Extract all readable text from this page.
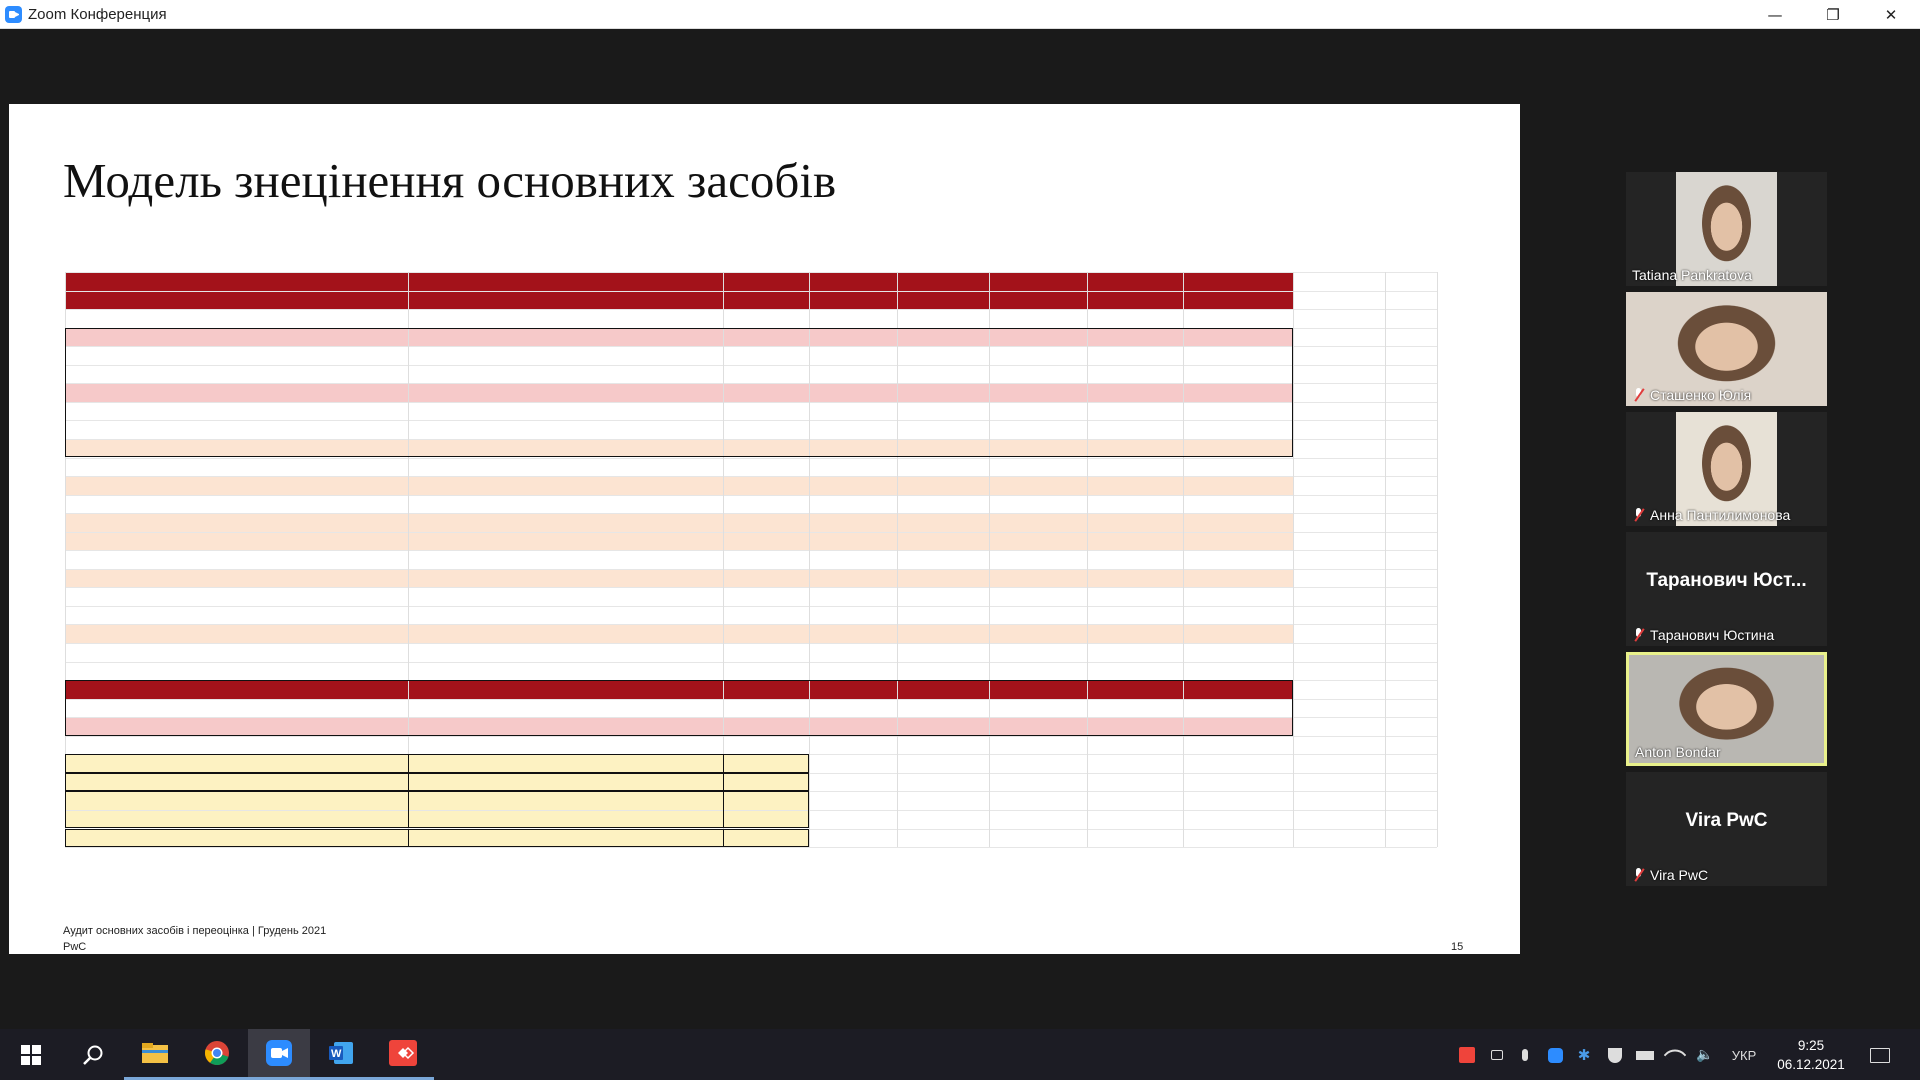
Zoom Конференция	—	❐	✕
Модель знецінення основних засобів
Аудит основних засобів і переоцінка | Грудень 2021
PwC	15
Tatiana Pankratova
Сташенко Юлія
Анна Пантилимонова
Таранович Юст...
Таранович Юстина
Anton Bondar
Vira PwC
Vira PwC
W	✱	🔈	УКР
9:25
06.12.2021
